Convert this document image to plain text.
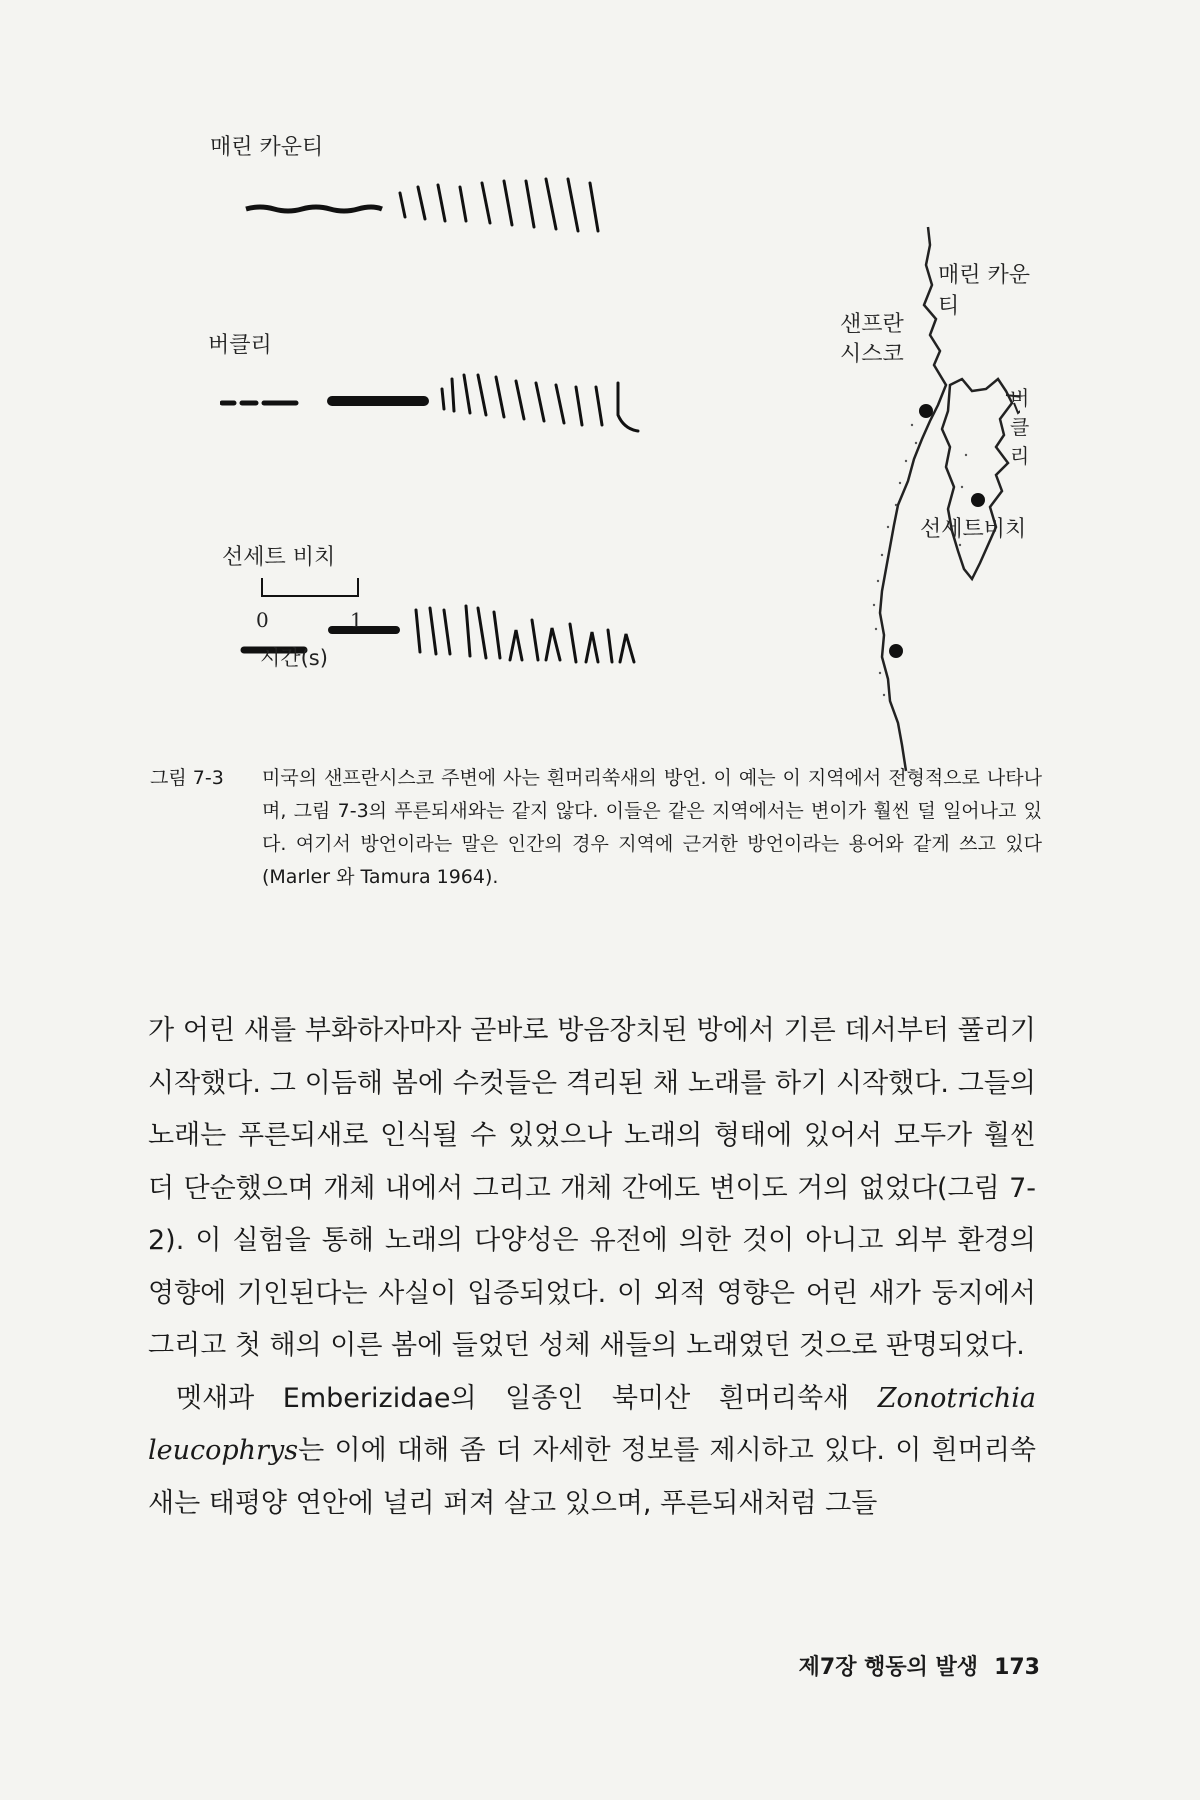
매린 카운티
버클리
선세트 비치
0	1
시간(s)
샌프란
시스코
매린 카운티
버클리
선세트비치
그림 7-3 미국의 샌프란시스코 주변에 사는 흰머리쑥새의 방언. 이 예는 이 지역에서 전형적으로 나타나며, 그림 7-3의 푸른되새와는 같지 않다. 이들은 같은 지역에서는 변이가 훨씬 덜 일어나고 있다. 여기서 방언이라는 말은 인간의 경우 지역에 근거한 방언이라는 용어와 같게 쓰고 있다(Marler 와 Tamura 1964).

가 어린 새를 부화하자마자 곧바로 방음장치된 방에서 기른 데서부터 풀리기 시작했다. 그 이듬해 봄에 수컷들은 격리된 채 노래를 하기 시작했다. 그들의 노래는 푸른되새로 인식될 수 있었으나 노래의 형태에 있어서 모두가 훨씬 더 단순했으며 개체 내에서 그리고 개체 간에도 변이도 거의 없었다(그림 7-2). 이 실험을 통해 노래의 다양성은 유전에 의한 것이 아니고 외부 환경의 영향에 기인된다는 사실이 입증되었다. 이 외적 영향은 어린 새가 둥지에서 그리고 첫 해의 이른 봄에 들었던 성체 새들의 노래였던 것으로 판명되었다.

멧새과 Emberizidae의 일종인 북미산 흰머리쑥새 Zonotrichia leucophrys는 이에 대해 좀 더 자세한 정보를 제시하고 있다. 이 흰머리쑥새는 태평양 연안에 널리 퍼져 살고 있으며, 푸른되새처럼 그들

제7장 행동의 발생 173
